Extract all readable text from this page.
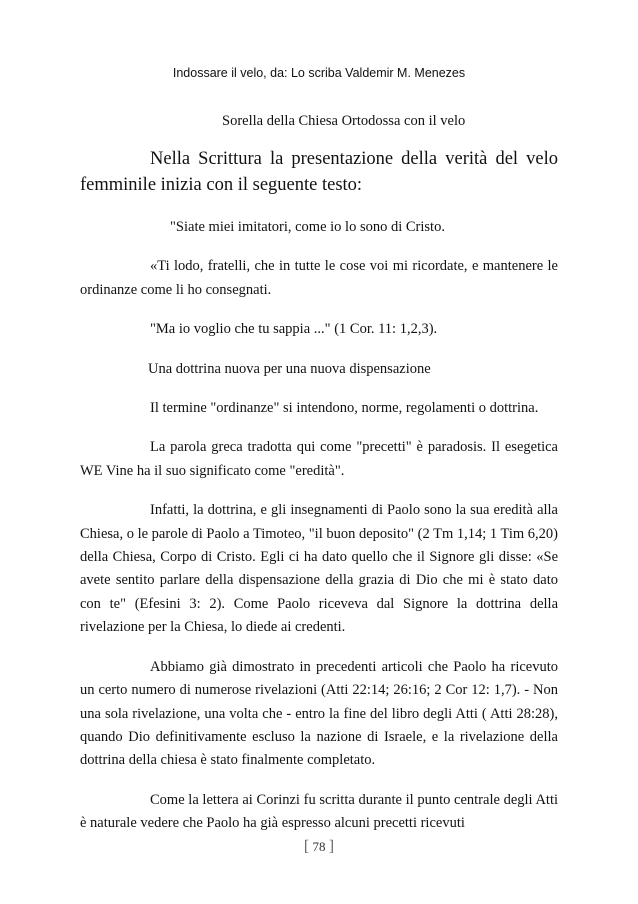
Indossare il velo, da: Lo scriba Valdemir M. Menezes
Sorella della Chiesa Ortodossa con il velo

Nella Scrittura la presentazione della verità del velo femminile inizia con il seguente testo:

"Siate miei imitatori, come io lo sono di Cristo.

«Ti lodo, fratelli, che in tutte le cose voi mi ricordate, e mantenere le ordinanze come li ho consegnati.

"Ma io voglio che tu sappia ..." (1 Cor. 11: 1,2,3).

Una dottrina nuova per una nuova dispensazione

Il termine "ordinanze" si intendono, norme, regolamenti o dottrina.

La parola greca tradotta qui come "precetti" è paradosis. Il esegetica WE Vine ha il suo significato come "eredità".

Infatti, la dottrina, e gli insegnamenti di Paolo sono la sua eredità alla Chiesa, o le parole di Paolo a Timoteo, "il buon deposito" (2 Tm 1,14; 1 Tim 6,20) della Chiesa, Corpo di Cristo. Egli ci ha dato quello che il Signore gli disse: «Se avete sentito parlare della dispensazione della grazia di Dio che mi è stato dato con te" (Efesini 3: 2). Come Paolo riceveva dal Signore la dottrina della rivelazione per la Chiesa, lo diede ai credenti.

Abbiamo già dimostrato in precedenti articoli che Paolo ha ricevuto un certo numero di numerose rivelazioni (Atti 22:14; 26:16; 2 Cor 12: 1,7). - Non una sola rivelazione, una volta che - entro la fine del libro degli Atti ( Atti 28:28), quando Dio definitivamente escluso la nazione di Israele, e la rivelazione della dottrina della chiesa è stato finalmente completato.

Come la lettera ai Corinzi fu scritta durante il punto centrale degli Atti è naturale vedere che Paolo ha già espresso alcuni precetti ricevuti

[ 78 ]
